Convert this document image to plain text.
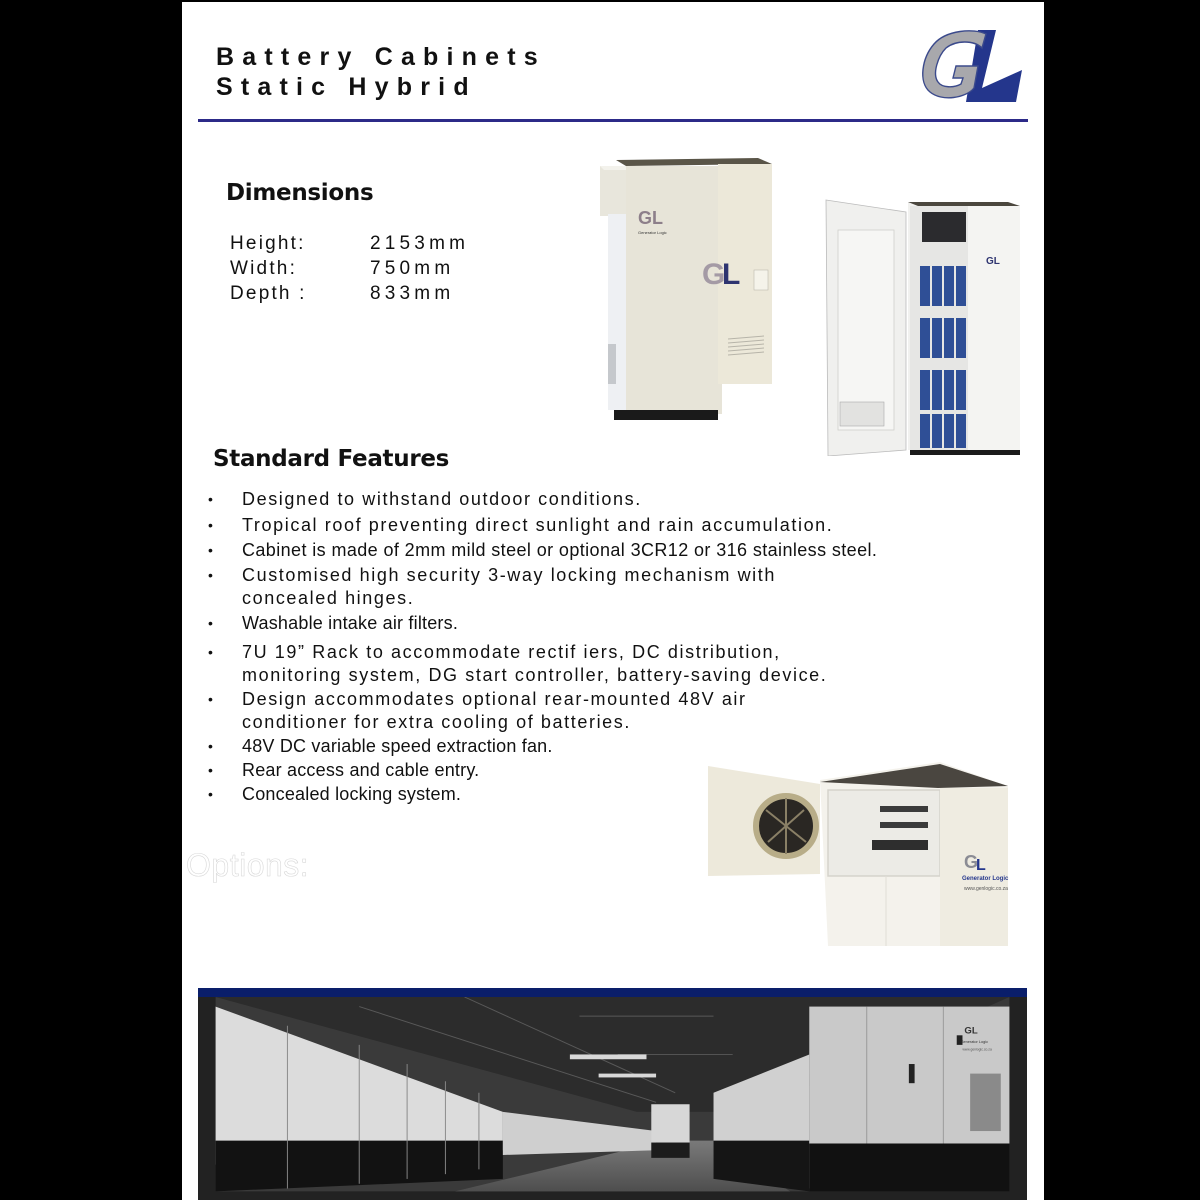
Battery Cabinets
Static Hybrid
Dimensions
Height:	2153mm
Width:	750mm
Depth :	833mm
GL
Generator Logic
G
L	GL
Standard Features
• Designed to withstand outdoor conditions.
• Tropical roof preventing direct sunlight and rain accumulation.
• Cabinet is made of 2mm mild steel or optional 3CR12 or 316 stainless steel.
• Customised high security 3-way locking mechanism with
concealed hinges.
• Washable intake air filters.
• 7U 19” Rack to accommodate rectif iers, DC distribution,
monitoring system, DG start controller, battery-saving device.
• Design accommodates optional rear-mounted 48V air
conditioner for extra cooling of batteries.
• 48V DC variable speed extraction fan.
• Rear access and cable entry.
• Concealed locking system.
Options:	G
L
Generator Logic
www.genlogic.co.za
GL
Generator Logic
www.genlogic.co.za
